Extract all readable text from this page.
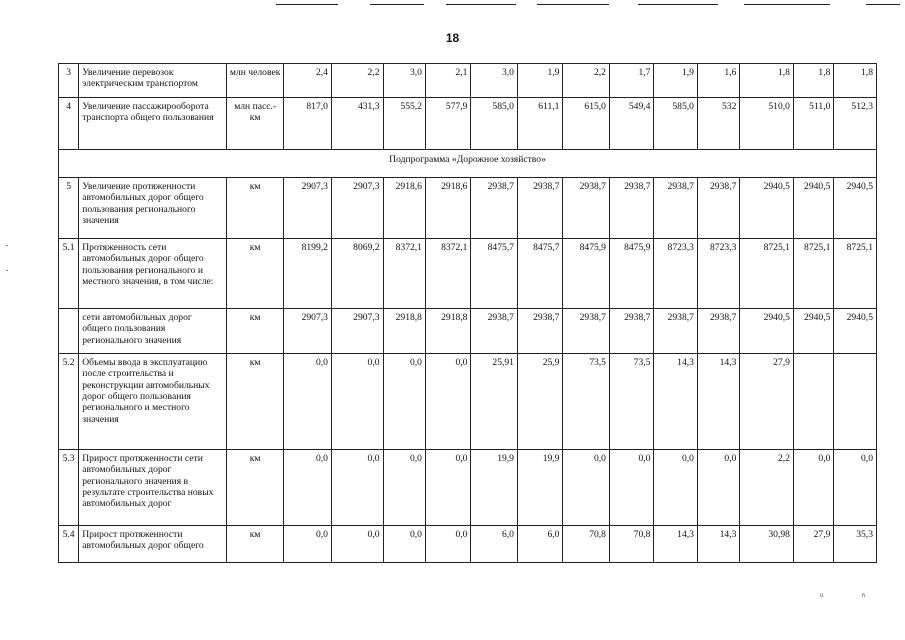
18
3	Увеличение перевозок электрическим транспортом	млн человек	2,4	2,2	3,0	2,1	3,0	1,9	2,2	1,7	1,9	1,6	1,8	1,8	1,8
4	Увеличение пассажирооборота транспорта общего пользования	млн пасс.-км	817,0	431,3	555,2	577,9	585,0	611,1	615,0	549,4	585,0	532	510,0	511,0	512,3
Подпрограмма «Дорожное хозяйство»															
5	Увеличение протяженности автомобильных дорог общего пользования регионального значения	км	2907,3	2907,3	2918,6	2918,6	2938,7	2938,7	2938,7	2938,7	2938,7	2938,7	2940,5	2940,5	2940,5
5.1	Протяженность сети автомобильных дорог общего пользования регионального и местного значения, в том числе:	км	8199,2	8069,2	8372,1	8372,1	8475,7	8475,7	8475,9	8475,9	8723,3	8723,3	8725,1	8725,1	8725,1
	сети автомобильных дорог общего пользования регионального значения	км	2907,3	2907,3	2918,8	2918,8	2938,7	2938,7	2938,7	2938,7	2938,7	2938,7	2940,5	2940,5	2940,5
5.2	Объемы ввода в эксплуатацию после строительства и реконструкции автомобильных дорог общего пользования регионального и местного значения	км	0,0	0,0	0,0	0,0	25,91	25,9	73,5	73,5	14,3	14,3	27,9		
5.3	Прирост протяженности сети автомобильных дорог регионального значения в результате строительства новых автомобильных дорог	км	0,0	0,0	0,0	0,0	19,9	19,9	0,0	0,0	0,0	0,0	2,2	0,0	0,0
5.4	Прирост протяженности автомобильных дорог общего	км	0,0	0,0	0,0	0,0	6,0	6,0	70,8	70,8	14,3	14,3	30,98	27,9	35,3
ü	ñ
